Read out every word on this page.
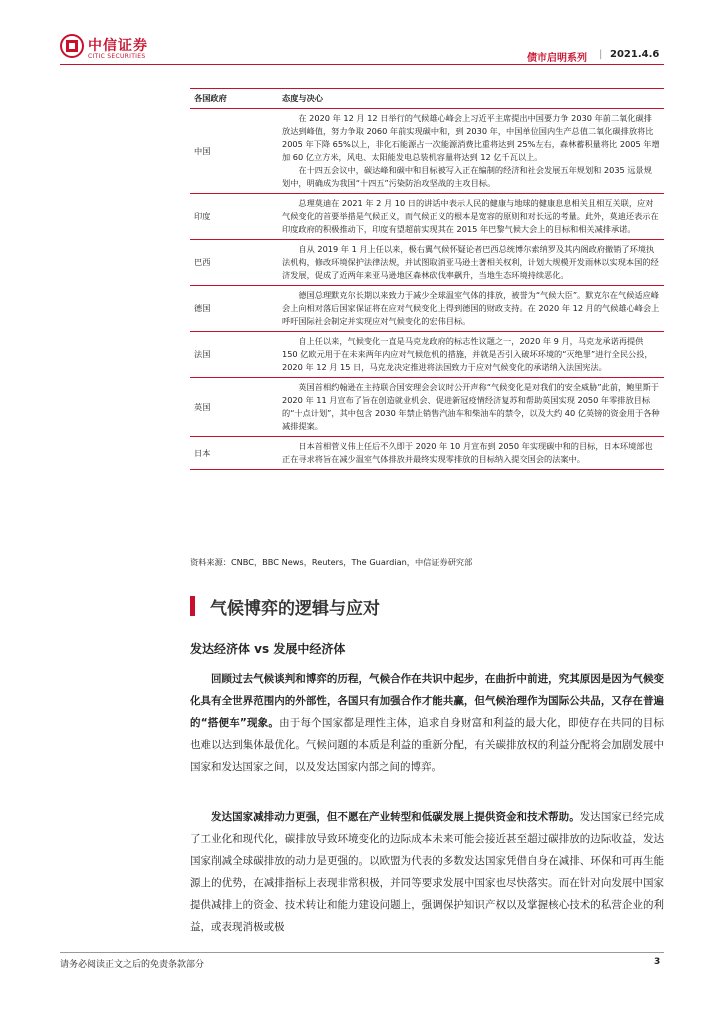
中信证券
CITIC SECURITIES	债市启明系列 | 2021.4.6
各国政府	态度与决心
中国	在 2020 年 12 月 12 日举行的气候雄心峰会上习近平主席提出中国要力争 2030 年前二氧化碳排放达到峰值，努力争取 2060 年前实现碳中和，到 2030 年，中国单位国内生产总值二氧化碳排放将比 2005 年下降 65%以上，非化石能源占一次能源消费比重将达到 25%左右，森林蓄积量将比 2005 年增加 60 亿立方米，风电、太阳能发电总装机容量将达到 12 亿千瓦以上。

在十四五会议中，碳达峰和碳中和目标被写入正在编制的经济和社会发展五年规划和 2035 远景规划中，明确成为我国“十四五”污染防治攻坚战的主攻目标。

印度	总理莫迪在 2021 年 2 月 10 日的讲话中表示人民的健康与地球的健康息息相关且相互关联，应对气候变化的首要举措是气候正义，而气候正义的根本是宽容的原则和对长远的考量。此外，莫迪还表示在印度政府的积极推动下，印度有望超前实现其在 2015 年巴黎气候大会上的目标和相关减排承诺。

巴西	自从 2019 年 1 月上任以来，极右翼气候怀疑论者巴西总统博尔索纳罗及其内阁政府撤销了环境执法机构，修改环境保护法律法规，并试图取消亚马逊土著相关权利，计划大规模开发雨林以实现本国的经济发展，促成了近两年来亚马逊地区森林砍伐率飙升，当地生态环境持续恶化。

德国	德国总理默克尔长期以来致力于减少全球温室气体的排放，被誉为“气候大臣”。默克尔在气候适应峰会上向相对落后国家保证将在应对气候变化上得到德国的财政支持。在 2020 年 12 月的气候雄心峰会上呼吁国际社会制定并实现应对气候变化的宏伟目标。

法国	自上任以来，气候变化一直是马克龙政府的标志性议题之一，2020 年 9 月，马克龙承诺再提供 150 亿欧元用于在未来两年内应对气候危机的措施，并就是否引入破坏环境的“灭绝罪”进行全民公投，2020 年 12 月 15 日，马克龙决定推进将法国致力于应对气候变化的承诺纳入法国宪法。

英国	英国首相约翰逊在主持联合国安理会会议时公开声称“气候变化是对我们的安全威胁”此前，鲍里斯于 2020 年 11 月宣布了旨在创造就业机会、促进新冠疫情经济复苏和帮助英国实现 2050 年零排放目标的“十点计划”，其中包含 2030 年禁止销售汽油车和柴油车的禁令，以及大约 40 亿英镑的资金用于各种减排提案。

日本	日本首相菅义伟上任后不久即于 2020 年 10 月宣布到 2050 年实现碳中和的目标，日本环境部也正在寻求将旨在减少温室气体排放并最终实现零排放的目标纳入提交国会的法案中。

资料来源：CNBC，BBC News，Reuters，The Guardian，中信证券研究部
气候博弈的逻辑与应对
发达经济体 vs 发展中经济体

回顾过去气候谈判和博弈的历程，气候合作在共识中起步，在曲折中前进，究其原因是因为气候变化具有全世界范围内的外部性，各国只有加强合作才能共赢，但气候治理作为国际公共品，又存在普遍的“搭便车”现象。由于每个国家都是理性主体，追求自身财富和利益的最大化，即使存在共同的目标也难以达到集体最优化。气候问题的本质是利益的重新分配，有关碳排放权的利益分配将会加剧发展中国家和发达国家之间，以及发达国家内部之间的博弈。

发达国家减排动力更强，但不愿在产业转型和低碳发展上提供资金和技术帮助。发达国家已经完成了工业化和现代化，碳排放导致环境变化的边际成本未来可能会接近甚至超过碳排放的边际收益，发达国家削减全球碳排放的动力是更强的。以欧盟为代表的多数发达国家凭借自身在减排、环保和可再生能源上的优势，在减排指标上表现非常积极，并同等要求发展中国家也尽快落实。而在针对向发展中国家提供减排上的资金、技术转让和能力建设问题上，强调保护知识产权以及掌握核心技术的私营企业的利益，或表现消极或极

请务必阅读正文之后的免责条款部分	3
